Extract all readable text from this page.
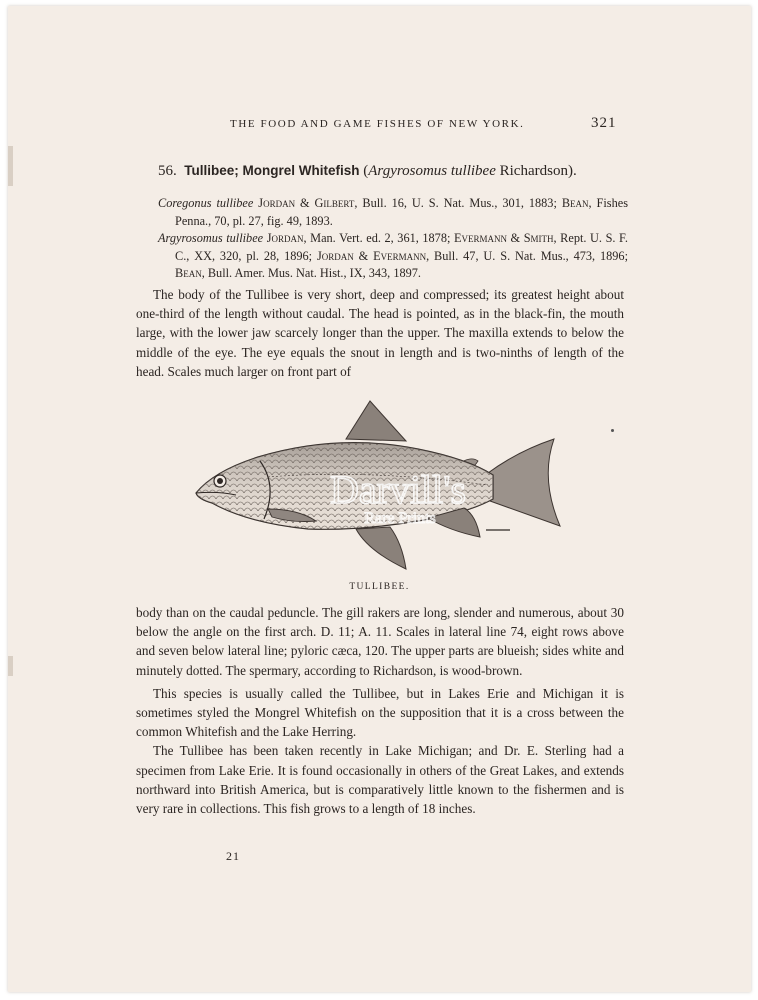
THE FOOD AND GAME FISHES OF NEW YORK.	321
56. Tullibee; Mongrel Whitefish (Argyrosomus tullibee Richardson).

Coregonus tullibee Jordan & Gilbert, Bull. 16, U. S. Nat. Mus., 301, 1883; Bean, Fishes Penna., 70, pl. 27, fig. 49, 1893.

Argyrosomus tullibee Jordan, Man. Vert. ed. 2, 361, 1878; Evermann & Smith, Rept. U. S. F. C., XX, 320, pl. 28, 1896; Jordan & Evermann, Bull. 47, U. S. Nat. Mus., 473, 1896; Bean, Bull. Amer. Mus. Nat. Hist., IX, 343, 1897.

The body of the Tullibee is very short, deep and compressed; its greatest height about one-third of the length without caudal. The head is pointed, as in the black-fin, the mouth large, with the lower jaw scarcely longer than the upper. The maxilla extends to below the middle of the eye. The eye equals the snout in length and is two-ninths of length of the head. Scales much larger on front part of

Darvill's
Rare Prints
TULLIBEE.

body than on the caudal peduncle. The gill rakers are long, slender and numerous, about 30 below the angle on the first arch. D. 11; A. 11. Scales in lateral line 74, eight rows above and seven below lateral line; pyloric cæca, 120. The upper parts are blueish; sides white and minutely dotted. The spermary, according to Richardson, is wood-brown.

This species is usually called the Tullibee, but in Lakes Erie and Michigan it is sometimes styled the Mongrel Whitefish on the supposition that it is a cross between the common Whitefish and the Lake Herring.

The Tullibee has been taken recently in Lake Michigan; and Dr. E. Sterling had a specimen from Lake Erie. It is found occasionally in others of the Great Lakes, and extends northward into British America, but is comparatively little known to the fishermen and is very rare in collections. This fish grows to a length of 18 inches.

21
